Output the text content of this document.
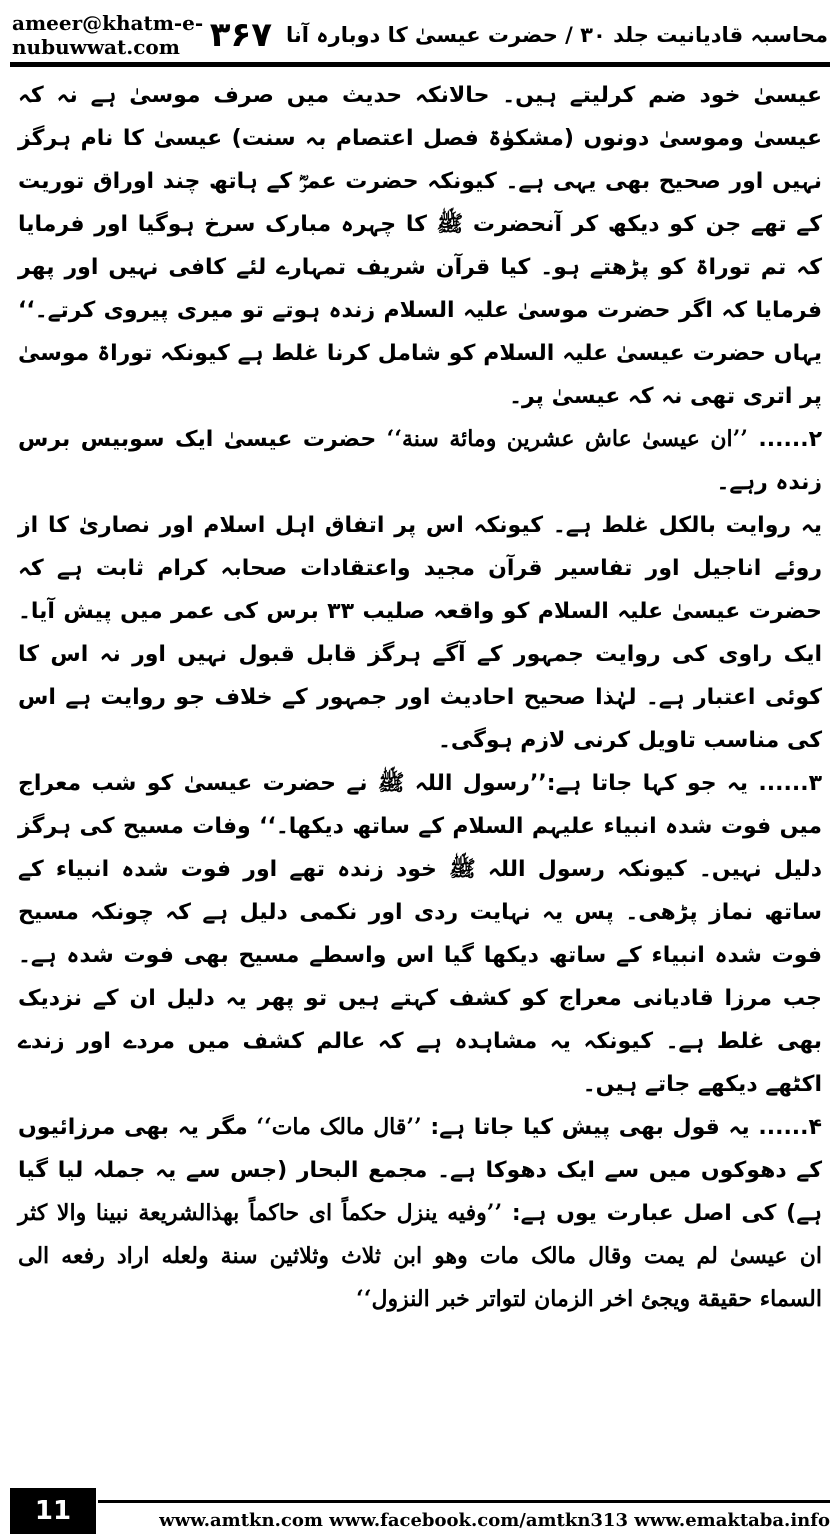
ameer@khatm-e-nubuwwat.com	محاسبہ قادیانیت جلد ۳۰ / حضرت عیسیٰ کا دوبارہ آنا
۳۶۷

عیسیٰ خود ضم کرلیتے ہیں۔ حالانکہ حدیث میں صرف موسیٰ ہے نہ کہ عیسیٰ وموسیٰ دونوں (مشکوٰۃ فصل اعتصام بہ سنت) عیسیٰ کا نام ہرگز نہیں اور صحیح بھی یہی ہے۔ کیونکہ حضرت عمرؓ کے ہاتھ چند اوراق توریت کے تھے جن کو دیکھ کر آنحضرت ﷺ کا چہرہ مبارک سرخ ہوگیا اور فرمایا کہ تم توراۃ کو پڑھتے ہو۔ کیا قرآن شریف تمہارے لئے کافی نہیں اور پھر فرمایا کہ اگر حضرت موسیٰ علیہ السلام زندہ ہوتے تو میری پیروی کرتے۔‘‘ یہاں حضرت عیسیٰ علیہ السلام کو شامل کرنا غلط ہے کیونکہ توراۃ موسیٰ پر اتری تھی نہ کہ عیسیٰ پر۔

۲...... ’’ان عیسیٰ عاش عشرین ومائة سنة‘‘ حضرت عیسیٰ ایک سوبیس برس زندہ رہے۔

یہ روایت بالکل غلط ہے۔ کیونکہ اس پر اتفاق اہل اسلام اور نصاریٰ کا از روئے اناجیل اور تفاسیر قرآن مجید واعتقادات صحابہ کرام ثابت ہے کہ حضرت عیسیٰ علیہ السلام کو واقعہ صلیب ۳۳ برس کی عمر میں پیش آیا۔ ایک راوی کی روایت جمہور کے آگے ہرگز قابل قبول نہیں اور نہ اس کا کوئی اعتبار ہے۔ لہٰذا صحیح احادیث اور جمہور کے خلاف جو روایت ہے اس کی مناسب تاویل کرنی لازم ہوگی۔

۳...... یہ جو کہا جاتا ہے:’’رسول اللہ ﷺ نے حضرت عیسیٰ کو شب معراج میں فوت شدہ انبیاء علیہم السلام کے ساتھ دیکھا۔‘‘ وفات مسیح کی ہرگز دلیل نہیں۔ کیونکہ رسول اللہ ﷺ خود زندہ تھے اور فوت شدہ انبیاء کے ساتھ نماز پڑھی۔ پس یہ نہایت ردی اور نکمی دلیل ہے کہ چونکہ مسیح فوت شدہ انبیاء کے ساتھ دیکھا گیا اس واسطے مسیح بھی فوت شدہ ہے۔ جب مرزا قادیانی معراج کو کشف کہتے ہیں تو پھر یہ دلیل ان کے نزدیک بھی غلط ہے۔ کیونکہ یہ مشاہدہ ہے کہ عالم کشف میں مردے اور زندے اکٹھے دیکھے جاتے ہیں۔

۴...... یہ قول بھی پیش کیا جاتا ہے: ’’قال مالک مات‘‘ مگر یہ بھی مرزائیوں کے دھوکوں میں سے ایک دھوکا ہے۔ مجمع البحار (جس سے یہ جملہ لیا گیا ہے) کی اصل عبارت یوں ہے: ’’وفیه ینزل حکماً ای حاکماً بهذالشریعة نبینا والا کثر ان عیسیٰ لم یمت وقال مالک مات وهو ابن ثلاث وثلاثین سنة ولعله اراد رفعه الی السماء حقیقة ویجئ اخر الزمان لتواتر خبر النزول‘‘

11	www.amtkn.com www.facebook.com/amtkn313 www.emaktaba.info
